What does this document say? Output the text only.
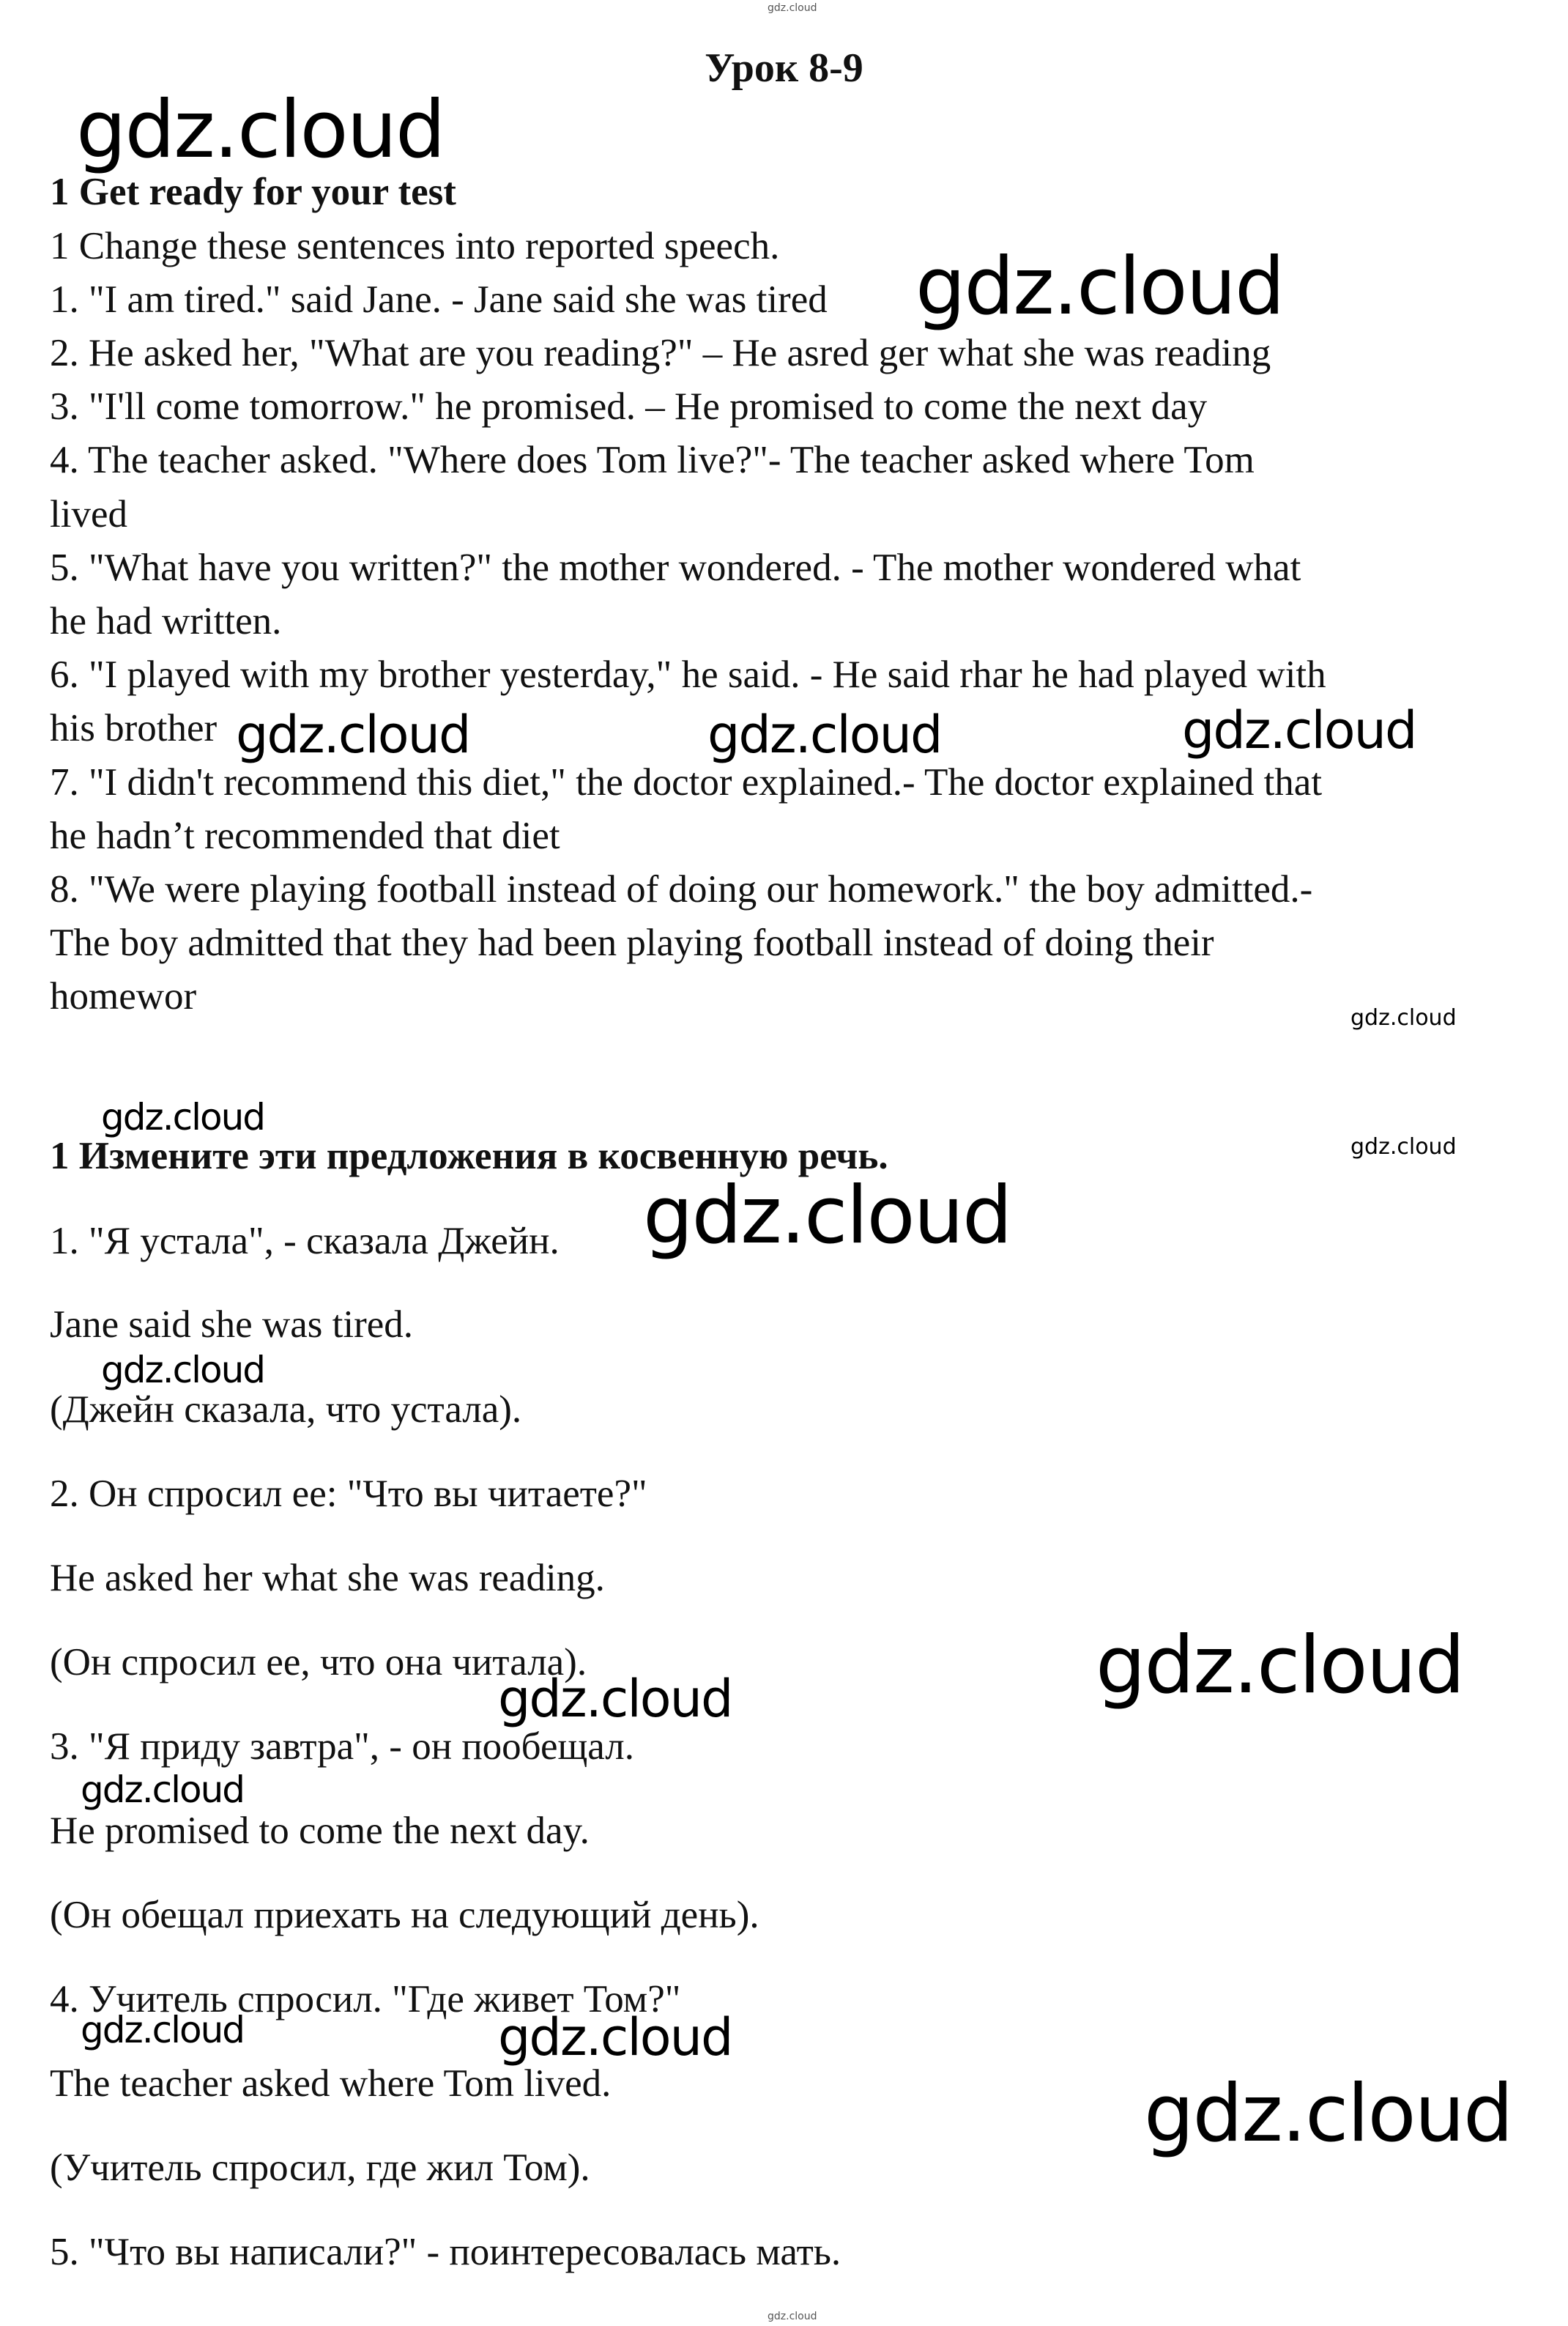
gdz.cloud

Урок 8-9

1 Get ready for your test

1 Change these sentences into reported speech.

1. "I am tired." said Jane. - Jane said she was tired

2. He asked her, "What are you reading?" – He asred ger what she was reading

3. "I'll come tomorrow." he promised. – He promised to come the next day

4. The teacher asked. "Where does Tom live?"- The teacher asked where Tom

lived

5. "What have you written?" the mother wondered. - The mother wondered what

he had written.

6. "I played with my brother yesterday," he said. - He said rhar he had played with

his brother

7. "I didn't recommend this diet," the doctor explained.- The doctor explained that

he hadn’t recommended that diet

8. "We were playing football instead of doing our homework." the boy admitted.-

The boy admitted that they had been playing football instead of doing their

homewor

1 Измените эти предложения в косвенную речь.

1. "Я устала", - сказала Джейн.

Jane said she was tired.

(Джейн сказала, что устала).

2. Он спросил ее: "Что вы читаете?"

He asked her what she was reading.

(Он спросил ее, что она читала).

3. "Я приду завтра", - он пообещал.

He promised to come the next day.

(Он обещал приехать на следующий день).

4. Учитель спросил. "Где живет Том?"

The teacher asked where Tom lived.

(Учитель спросил, где жил Том).

5. "Что вы написали?" - поинтересовалась мать.

gdz.cloud

gdz.cloud

gdz.cloud	gdz.cloud	gdz.cloud

gdz.cloud

gdz.cloud

gdz.cloud

gdz.cloud

gdz.cloud

gdz.cloud

gdz.cloud

gdz.cloud

gdz.cloud	gdz.cloud

gdz.cloud

gdz.cloud
